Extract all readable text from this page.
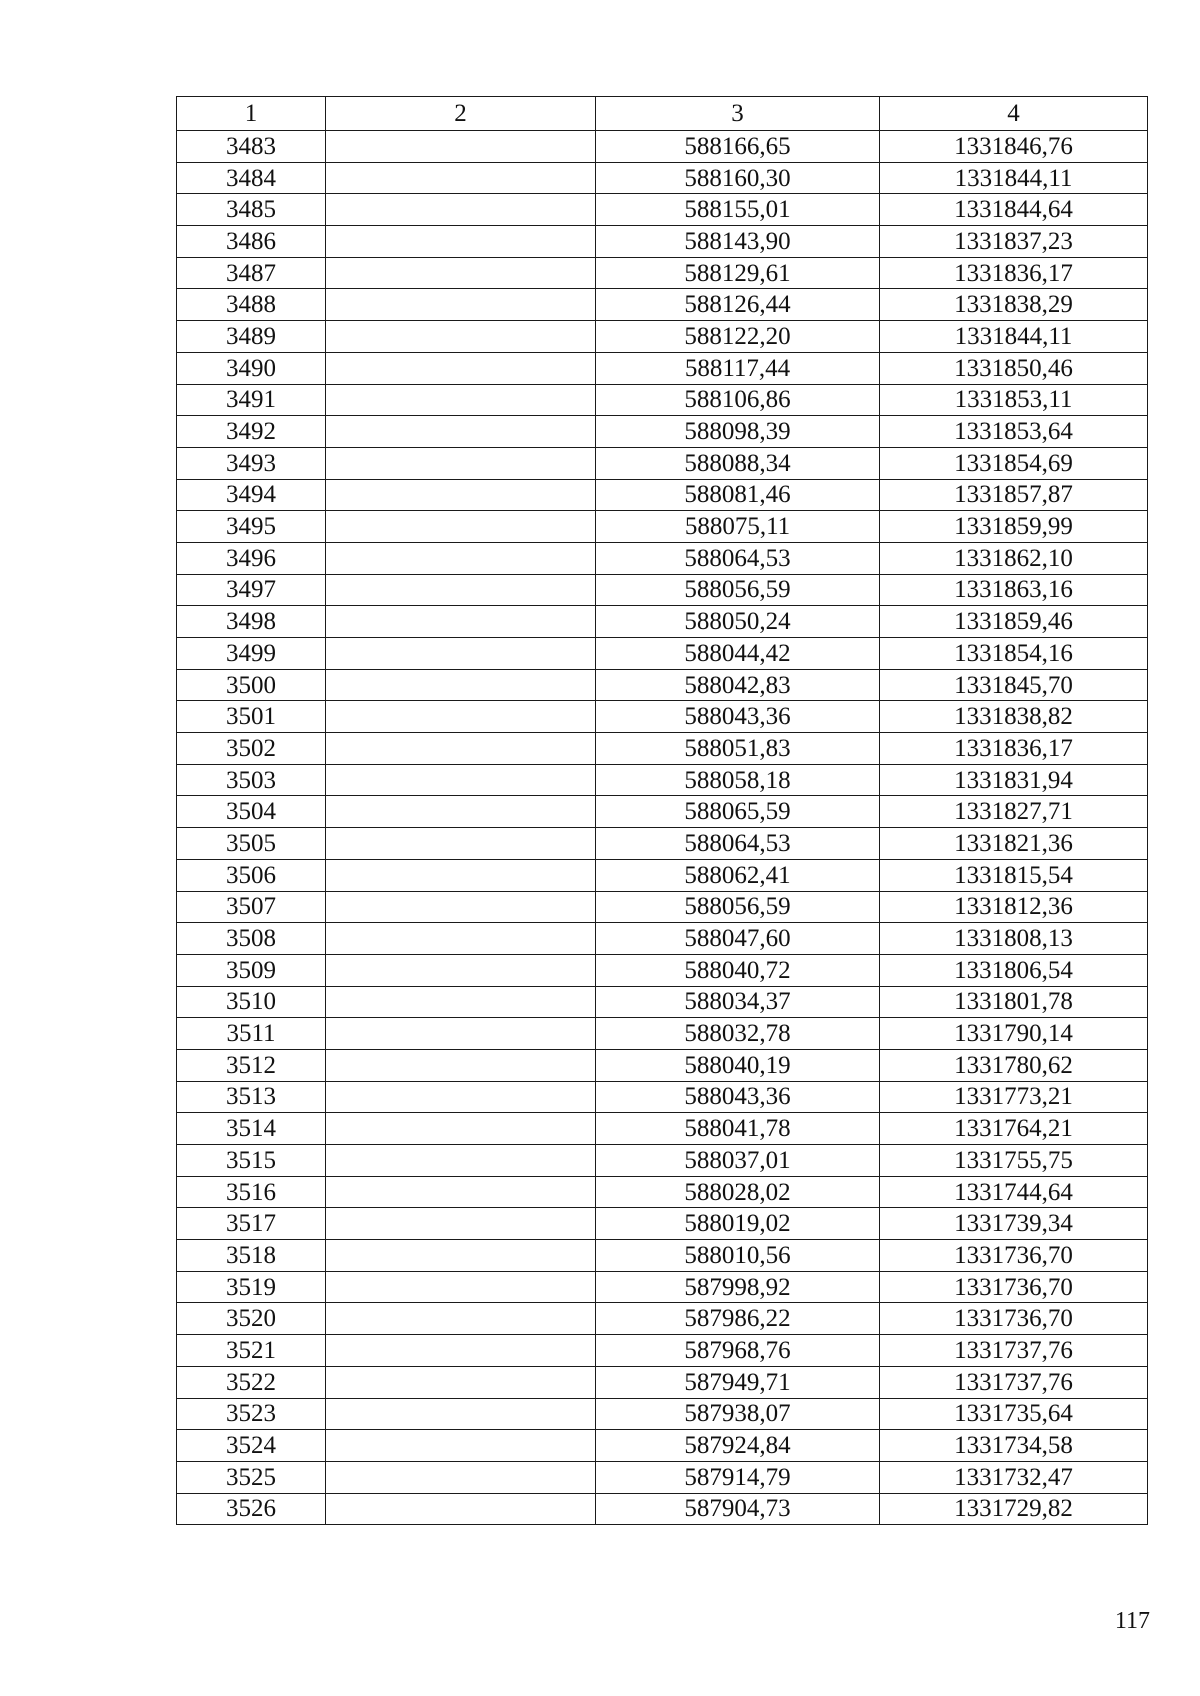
1	2	3	4
3483		588166,65	1331846,76
3484		588160,30	1331844,11
3485		588155,01	1331844,64
3486		588143,90	1331837,23
3487		588129,61	1331836,17
3488		588126,44	1331838,29
3489		588122,20	1331844,11
3490		588117,44	1331850,46
3491		588106,86	1331853,11
3492		588098,39	1331853,64
3493		588088,34	1331854,69
3494		588081,46	1331857,87
3495		588075,11	1331859,99
3496		588064,53	1331862,10
3497		588056,59	1331863,16
3498		588050,24	1331859,46
3499		588044,42	1331854,16
3500		588042,83	1331845,70
3501		588043,36	1331838,82
3502		588051,83	1331836,17
3503		588058,18	1331831,94
3504		588065,59	1331827,71
3505		588064,53	1331821,36
3506		588062,41	1331815,54
3507		588056,59	1331812,36
3508		588047,60	1331808,13
3509		588040,72	1331806,54
3510		588034,37	1331801,78
3511		588032,78	1331790,14
3512		588040,19	1331780,62
3513		588043,36	1331773,21
3514		588041,78	1331764,21
3515		588037,01	1331755,75
3516		588028,02	1331744,64
3517		588019,02	1331739,34
3518		588010,56	1331736,70
3519		587998,92	1331736,70
3520		587986,22	1331736,70
3521		587968,76	1331737,76
3522		587949,71	1331737,76
3523		587938,07	1331735,64
3524		587924,84	1331734,58
3525		587914,79	1331732,47
3526		587904,73	1331729,82
117
